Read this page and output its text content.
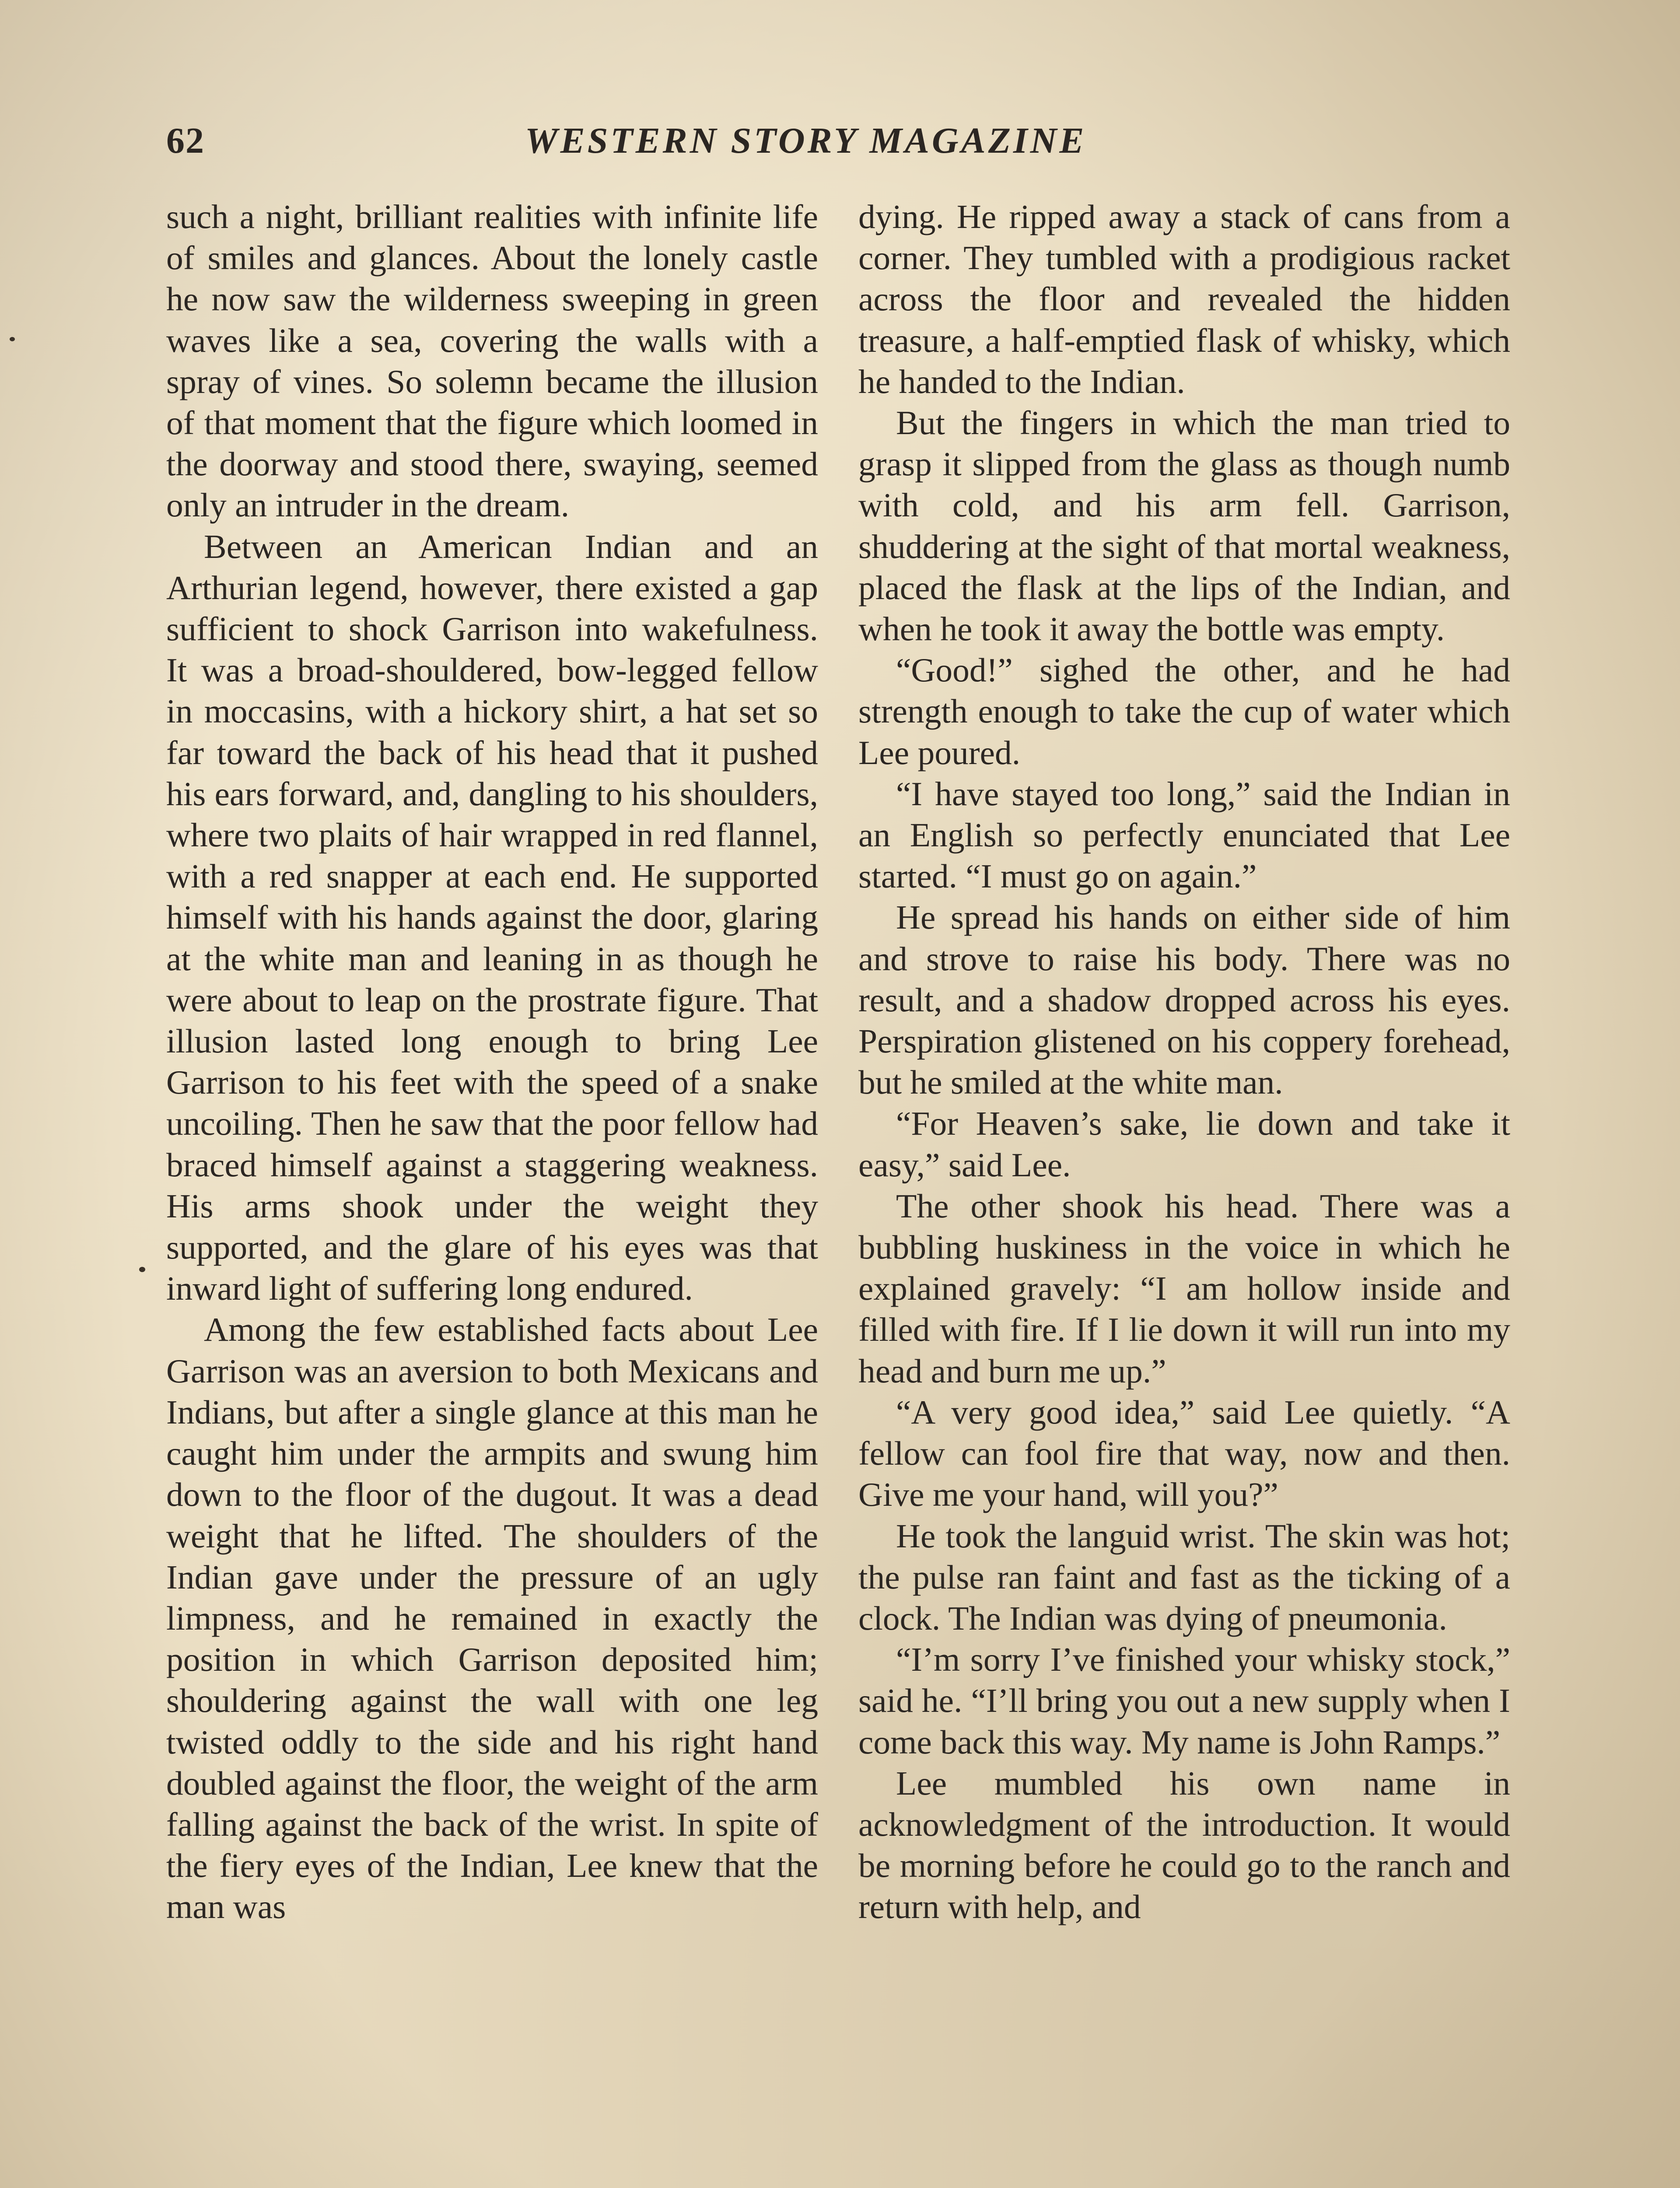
62	WESTERN STORY MAGAZINE

such a night, brilliant realities with infinite life of smiles and glances. About the lonely castle he now saw the wilderness sweeping in green waves like a sea, covering the walls with a spray of vines. So solemn became the illusion of that moment that the figure which loomed in the doorway and stood there, swaying, seemed only an intruder in the dream.

Between an American Indian and an Arthurian legend, however, there existed a gap sufficient to shock Garrison into wakefulness. It was a broad-shouldered, bow-legged fellow in moccasins, with a hickory shirt, a hat set so far toward the back of his head that it pushed his ears forward, and, dangling to his shoulders, where two plaits of hair wrapped in red flannel, with a red snapper at each end. He supported himself with his hands against the door, glaring at the white man and leaning in as though he were about to leap on the prostrate figure. That illusion lasted long enough to bring Lee Garrison to his feet with the speed of a snake uncoiling. Then he saw that the poor fellow had braced himself against a staggering weakness. His arms shook under the weight they supported, and the glare of his eyes was that inward light of suffering long endured.

Among the few established facts about Lee Garrison was an aversion to both Mexicans and Indians, but after a single glance at this man he caught him under the armpits and swung him down to the floor of the dugout. It was a dead weight that he lifted. The shoulders of the Indian gave under the pressure of an ugly limpness, and he remained in exactly the position in which Garrison deposited him; shouldering against the wall with one leg twisted oddly to the side and his right hand doubled against the floor, the weight of the arm falling against the back of the wrist. In spite of the fiery eyes of the Indian, Lee knew that the man was

dying. He ripped away a stack of cans from a corner. They tumbled with a prodigious racket across the floor and revealed the hidden treasure, a half-emptied flask of whisky, which he handed to the Indian.

But the fingers in which the man tried to grasp it slipped from the glass as though numb with cold, and his arm fell. Garrison, shuddering at the sight of that mortal weakness, placed the flask at the lips of the Indian, and when he took it away the bottle was empty.

“Good!” sighed the other, and he had strength enough to take the cup of water which Lee poured.

“I have stayed too long,” said the Indian in an English so perfectly enunciated that Lee started. “I must go on again.”

He spread his hands on either side of him and strove to raise his body. There was no result, and a shadow dropped across his eyes. Perspiration glistened on his coppery forehead, but he smiled at the white man.

“For Heaven’s sake, lie down and take it easy,” said Lee.

The other shook his head. There was a bubbling huskiness in the voice in which he explained gravely: “I am hollow inside and filled with fire. If I lie down it will run into my head and burn me up.”

“A very good idea,” said Lee quietly. “A fellow can fool fire that way, now and then. Give me your hand, will you?”

He took the languid wrist. The skin was hot; the pulse ran faint and fast as the ticking of a clock. The Indian was dying of pneumonia.

“I’m sorry I’ve finished your whisky stock,” said he. “I’ll bring you out a new supply when I come back this way. My name is John Ramps.”

Lee mumbled his own name in acknowledgment of the introduction. It would be morning before he could go to the ranch and return with help, and
